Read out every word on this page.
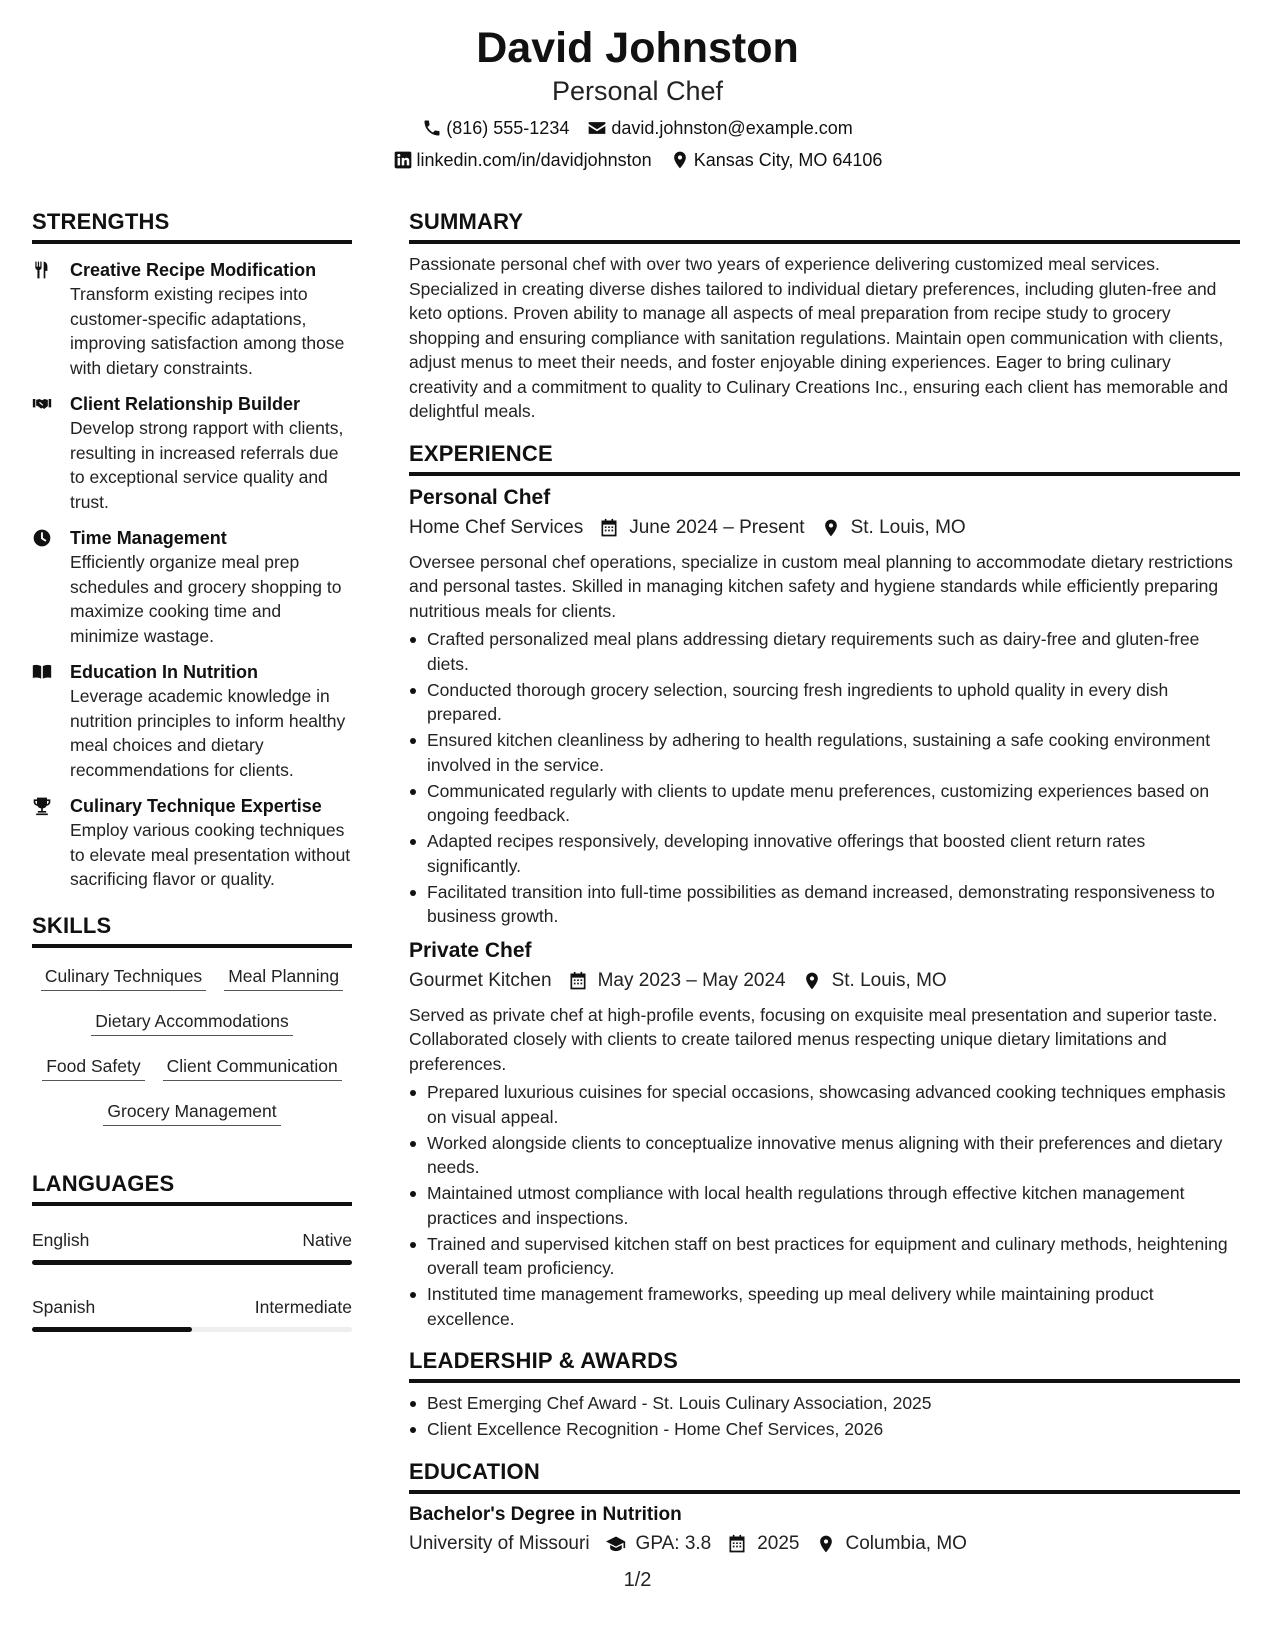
David Johnston
Personal Chef
(816) 555-1234 david.johnston@example.com
linkedin.com/in/davidjohnston Kansas City, MO 64106
STRENGTHS
Creative Recipe Modification
Transform existing recipes into customer-specific adaptations, improving satisfaction among those with dietary constraints.
Client Relationship Builder
Develop strong rapport with clients, resulting in increased referrals due to exceptional service quality and trust.
Time Management
Efficiently organize meal prep schedules and grocery shopping to maximize cooking time and minimize wastage.
Education In Nutrition
Leverage academic knowledge in nutrition principles to inform healthy meal choices and dietary recommendations for clients.
Culinary Technique Expertise
Employ various cooking techniques to elevate meal presentation without sacrificing flavor or quality.
SKILLS
Culinary Techniques Meal Planning
Dietary Accommodations
Food Safety Client Communication
Grocery Management
LANGUAGES
English	Native
Spanish	Intermediate
SUMMARY
Passionate personal chef with over two years of experience delivering customized meal services. Specialized in creating diverse dishes tailored to individual dietary preferences, including gluten-free and keto options. Proven ability to manage all aspects of meal preparation from recipe study to grocery shopping and ensuring compliance with sanitation regulations. Maintain open communication with clients, adjust menus to meet their needs, and foster enjoyable dining experiences. Eager to bring culinary creativity and a commitment to quality to Culinary Creations Inc., ensuring each client has memorable and delightful meals.
EXPERIENCE
Personal Chef
Home Chef Services June 2024 – Present St. Louis, MO
Oversee personal chef operations, specialize in custom meal planning to accommodate dietary restrictions and personal tastes. Skilled in managing kitchen safety and hygiene standards while efficiently preparing nutritious meals for clients.
Crafted personalized meal plans addressing dietary requirements such as dairy-free and gluten-free diets.
Conducted thorough grocery selection, sourcing fresh ingredients to uphold quality in every dish prepared.
Ensured kitchen cleanliness by adhering to health regulations, sustaining a safe cooking environment involved in the service.
Communicated regularly with clients to update menu preferences, customizing experiences based on ongoing feedback.
Adapted recipes responsively, developing innovative offerings that boosted client return rates significantly.
Facilitated transition into full-time possibilities as demand increased, demonstrating responsiveness to business growth.
Private Chef
Gourmet Kitchen May 2023 – May 2024 St. Louis, MO
Served as private chef at high-profile events, focusing on exquisite meal presentation and superior taste. Collaborated closely with clients to create tailored menus respecting unique dietary limitations and preferences.
Prepared luxurious cuisines for special occasions, showcasing advanced cooking techniques emphasis on visual appeal.
Worked alongside clients to conceptualize innovative menus aligning with their preferences and dietary needs.
Maintained utmost compliance with local health regulations through effective kitchen management practices and inspections.
Trained and supervised kitchen staff on best practices for equipment and culinary methods, heightening overall team proficiency.
Instituted time management frameworks, speeding up meal delivery while maintaining product excellence.
LEADERSHIP & AWARDS
Best Emerging Chef Award - St. Louis Culinary Association, 2025
Client Excellence Recognition - Home Chef Services, 2026
EDUCATION
Bachelor's Degree in Nutrition
University of Missouri GPA: 3.8 2025 Columbia, MO
1/2
